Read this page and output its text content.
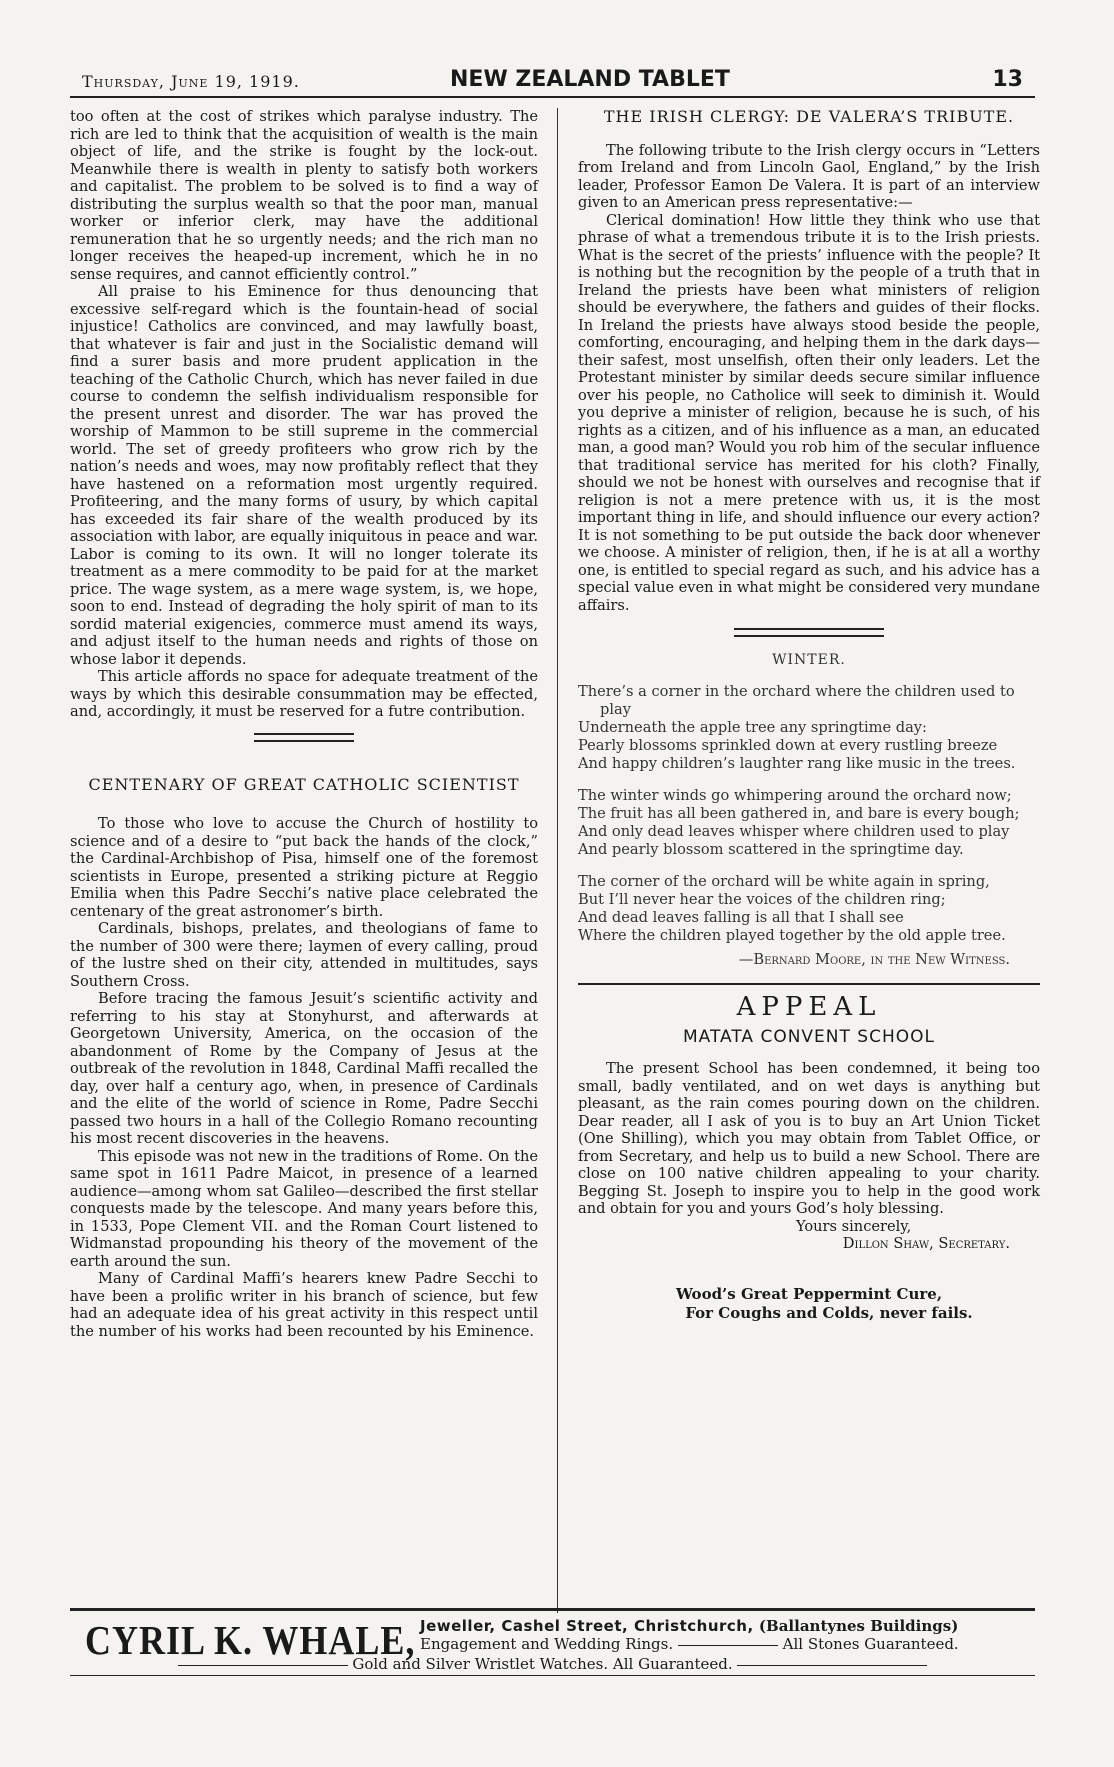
Thursday, June 19, 1919.	NEW ZEALAND TABLET	13

too often at the cost of strikes which paralyse industry. The rich are led to think that the acquisition of wealth is the main object of life, and the strike is fought by the lock-out. Meanwhile there is wealth in plenty to satisfy both workers and capitalist. The problem to be solved is to find a way of distributing the surplus wealth so that the poor man, manual worker or inferior clerk, may have the additional remuneration that he so urgently needs; and the rich man no longer receives the heaped-up increment, which he in no sense requires, and cannot efficiently control.”

All praise to his Eminence for thus denouncing that excessive self-regard which is the fountain-head of social injustice! Catholics are convinced, and may lawfully boast, that whatever is fair and just in the Socialistic demand will find a surer basis and more prudent application in the teaching of the Catholic Church, which has never failed in due course to condemn the selfish individualism responsible for the present unrest and disorder. The war has proved the worship of Mammon to be still supreme in the commercial world. The set of greedy profiteers who grow rich by the nation’s needs and woes, may now profitably reflect that they have hastened on a reformation most urgently required. Profiteering, and the many forms of usury, by which capital has exceeded its fair share of the wealth produced by its association with labor, are equally iniquitous in peace and war. Labor is coming to its own. It will no longer tolerate its treatment as a mere commodity to be paid for at the market price. The wage system, as a mere wage system, is, we hope, soon to end. Instead of degrading the holy spirit of man to its sordid material exigencies, commerce must amend its ways, and adjust itself to the human needs and rights of those on whose labor it depends.

This article affords no space for adequate treatment of the ways by which this desirable consummation may be effected, and, accordingly, it must be reserved for a futre contribution.

CENTENARY OF GREAT CATHOLIC SCIENTIST

To those who love to accuse the Church of hostility to science and of a desire to “put back the hands of the clock,” the Cardinal-Archbishop of Pisa, himself one of the foremost scientists in Europe, presented a striking picture at Reggio Emilia when this Padre Secchi’s native place celebrated the centenary of the great astronomer’s birth.

Cardinals, bishops, prelates, and theologians of fame to the number of 300 were there; laymen of every calling, proud of the lustre shed on their city, attended in multitudes, says Southern Cross.

Before tracing the famous Jesuit’s scientific activity and referring to his stay at Stonyhurst, and afterwards at Georgetown University, America, on the occasion of the abandonment of Rome by the Company of Jesus at the outbreak of the revolution in 1848, Cardinal Maffi recalled the day, over half a century ago, when, in presence of Cardinals and the elite of the world of science in Rome, Padre Secchi passed two hours in a hall of the Collegio Romano recounting his most recent discoveries in the heavens.

This episode was not new in the traditions of Rome. On the same spot in 1611 Padre Maicot, in presence of a learned audience—among whom sat Galileo—described the first stellar conquests made by the telescope. And many years before this, in 1533, Pope Clement VII. and the Roman Court listened to Widmanstad propounding his theory of the movement of the earth around the sun.

Many of Cardinal Maffi’s hearers knew Padre Secchi to have been a prolific writer in his branch of science, but few had an adequate idea of his great activity in this respect until the number of his works had been recounted by his Eminence.

THE IRISH CLERGY: DE VALERA’S TRIBUTE.

The following tribute to the Irish clergy occurs in “Letters from Ireland and from Lincoln Gaol, England,” by the Irish leader, Professor Eamon De Valera. It is part of an interview given to an American press representative:—

Clerical domination! How little they think who use that phrase of what a tremendous tribute it is to the Irish priests. What is the secret of the priests’ influence with the people? It is nothing but the recognition by the people of a truth that in Ireland the priests have been what ministers of religion should be everywhere, the fathers and guides of their flocks. In Ireland the priests have always stood beside the people, comforting, encouraging, and helping them in the dark days—their safest, most unselfish, often their only leaders. Let the Protestant minister by similar deeds secure similar influence over his people, no Catholice will seek to diminish it. Would you deprive a minister of religion, because he is such, of his rights as a citizen, and of his influence as a man, an educated man, a good man? Would you rob him of the secular influence that traditional service has merited for his cloth? Finally, should we not be honest with ourselves and recognise that if religion is not a mere pretence with us, it is the most important thing in life, and should influence our every action? It is not something to be put outside the back door whenever we choose. A minister of religion, then, if he is at all a worthy one, is entitled to special regard as such, and his advice has a special value even in what might be considered very mundane affairs.

WINTER.
There’s a corner in the orchard where the children used to play
Underneath the apple tree any springtime day:
Pearly blossoms sprinkled down at every rustling breeze
And happy children’s laughter rang like music in the trees.
The winter winds go whimpering around the orchard now;
The fruit has all been gathered in, and bare is every bough;
And only dead leaves whisper where children used to play
And pearly blossom scattered in the springtime day.
The corner of the orchard will be white again in spring,
But I’ll never hear the voices of the children ring;
And dead leaves falling is all that I shall see
Where the children played together by the old apple tree.
—Bernard Moore, in the New Witness.
APPEAL
MATATA CONVENT SCHOOL

The present School has been condemned, it being too small, badly ventilated, and on wet days is anything but pleasant, as the rain comes pouring down on the children. Dear reader, all I ask of you is to buy an Art Union Ticket (One Shilling), which you may obtain from Tablet Office, or from Secretary, and help us to build a new School. There are close on 100 native children appealing to your charity. Begging St. Joseph to inspire you to help in the good work and obtain for you and yours God’s holy blessing.

Yours sincerely,

Dillon Shaw, Secretary.

Wood’s Great Peppermint Cure,
For Coughs and Colds, never fails.
CYRIL K. WHALE, Jeweller, Cashel Street, Christchurch, (Ballantynes Buildings)
Engagement and Wedding Rings.	All Stones Guaranteed.
Gold and Silver Wristlet Watches. All Guaranteed.
